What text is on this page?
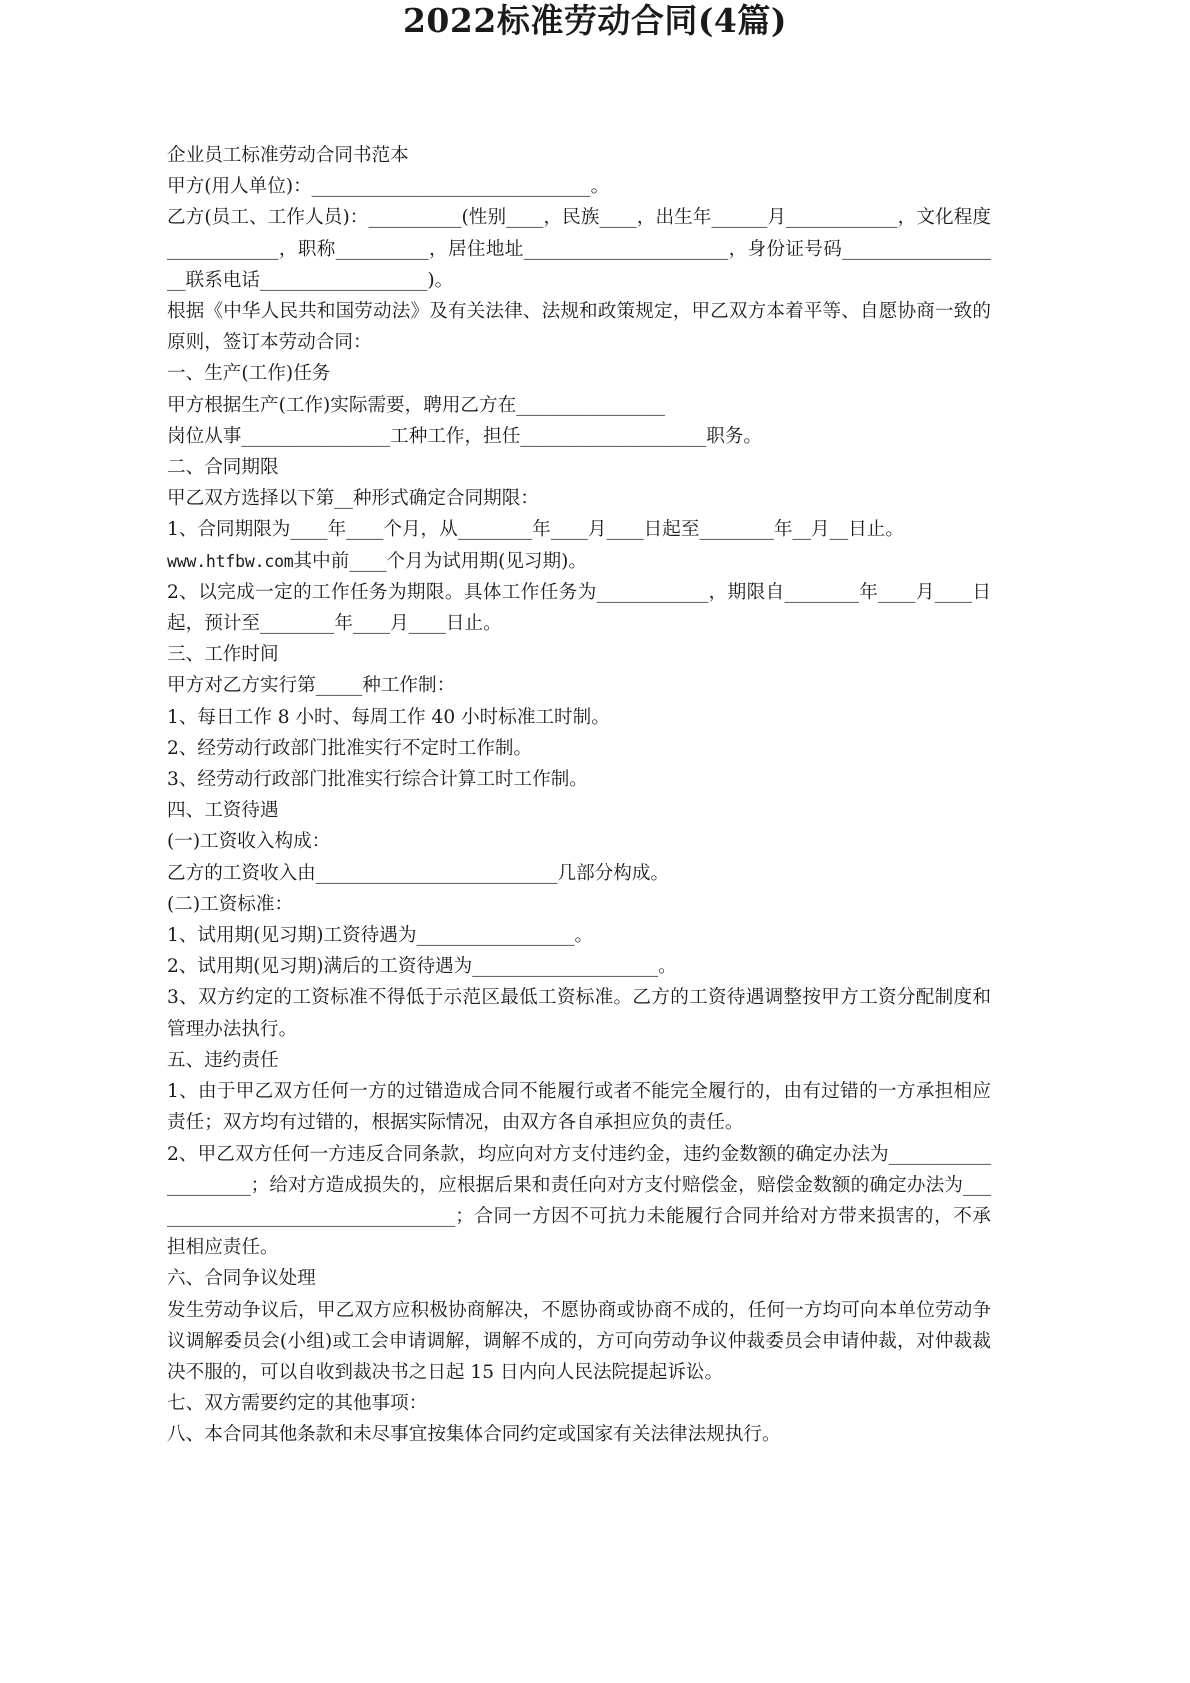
2022标准劳动合同(4篇)

企业员工标准劳动合同书范本

甲方(用人单位)：______________________________。

乙方(员工、工作人员)：__________(性别____，民族____，出生年______月____________，文化程度____________，职称__________，居住地址______________________，身份证号码__________________联系电话__________________)。

根据《中华人民共和国劳动法》及有关法律、法规和政策规定，甲乙双方本着平等、自愿协商一致的原则，签订本劳动合同：

一、生产(工作)任务

甲方根据生产(工作)实际需要，聘用乙方在________________

岗位从事________________工种工作，担任____________________职务。

二、合同期限

甲乙双方选择以下第__种形式确定合同期限：

1、合同期限为____年____个月，从________年____月____日起至________年__月__日止。

www.htfbw.com其中前____个月为试用期(见习期)。

2、以完成一定的工作任务为期限。具体工作任务为____________，期限自________年____月____日起，预计至________年____月____日止。

三、工作时间

甲方对乙方实行第_____种工作制：

1、每日工作 8 小时、每周工作 40 小时标准工时制。

2、经劳动行政部门批准实行不定时工作制。

3、经劳动行政部门批准实行综合计算工时工作制。

四、工资待遇

(一)工资收入构成：

乙方的工资收入由__________________________几部分构成。

(二)工资标准：

1、试用期(见习期)工资待遇为_________________。

2、试用期(见习期)满后的工资待遇为____________________。

3、双方约定的工资标准不得低于示范区最低工资标准。乙方的工资待遇调整按甲方工资分配制度和管理办法执行。

五、违约责任

1、由于甲乙双方任何一方的过错造成合同不能履行或者不能完全履行的，由有过错的一方承担相应责任；双方均有过错的，根据实际情况，由双方各自承担应负的责任。

2、甲乙双方任何一方违反合同条款，均应向对方支付违约金，违约金数额的确定办法为____________________；给对方造成损失的，应根据后果和责任向对方支付赔偿金，赔偿金数额的确定办法为__________________________________；合同一方因不可抗力未能履行合同并给对方带来损害的，不承担相应责任。

六、合同争议处理

发生劳动争议后，甲乙双方应积极协商解决，不愿协商或协商不成的，任何一方均可向本单位劳动争议调解委员会(小组)或工会申请调解，调解不成的，方可向劳动争议仲裁委员会申请仲裁，对仲裁裁决不服的，可以自收到裁决书之日起 15 日内向人民法院提起诉讼。

七、双方需要约定的其他事项：

八、本合同其他条款和未尽事宜按集体合同约定或国家有关法律法规执行。
